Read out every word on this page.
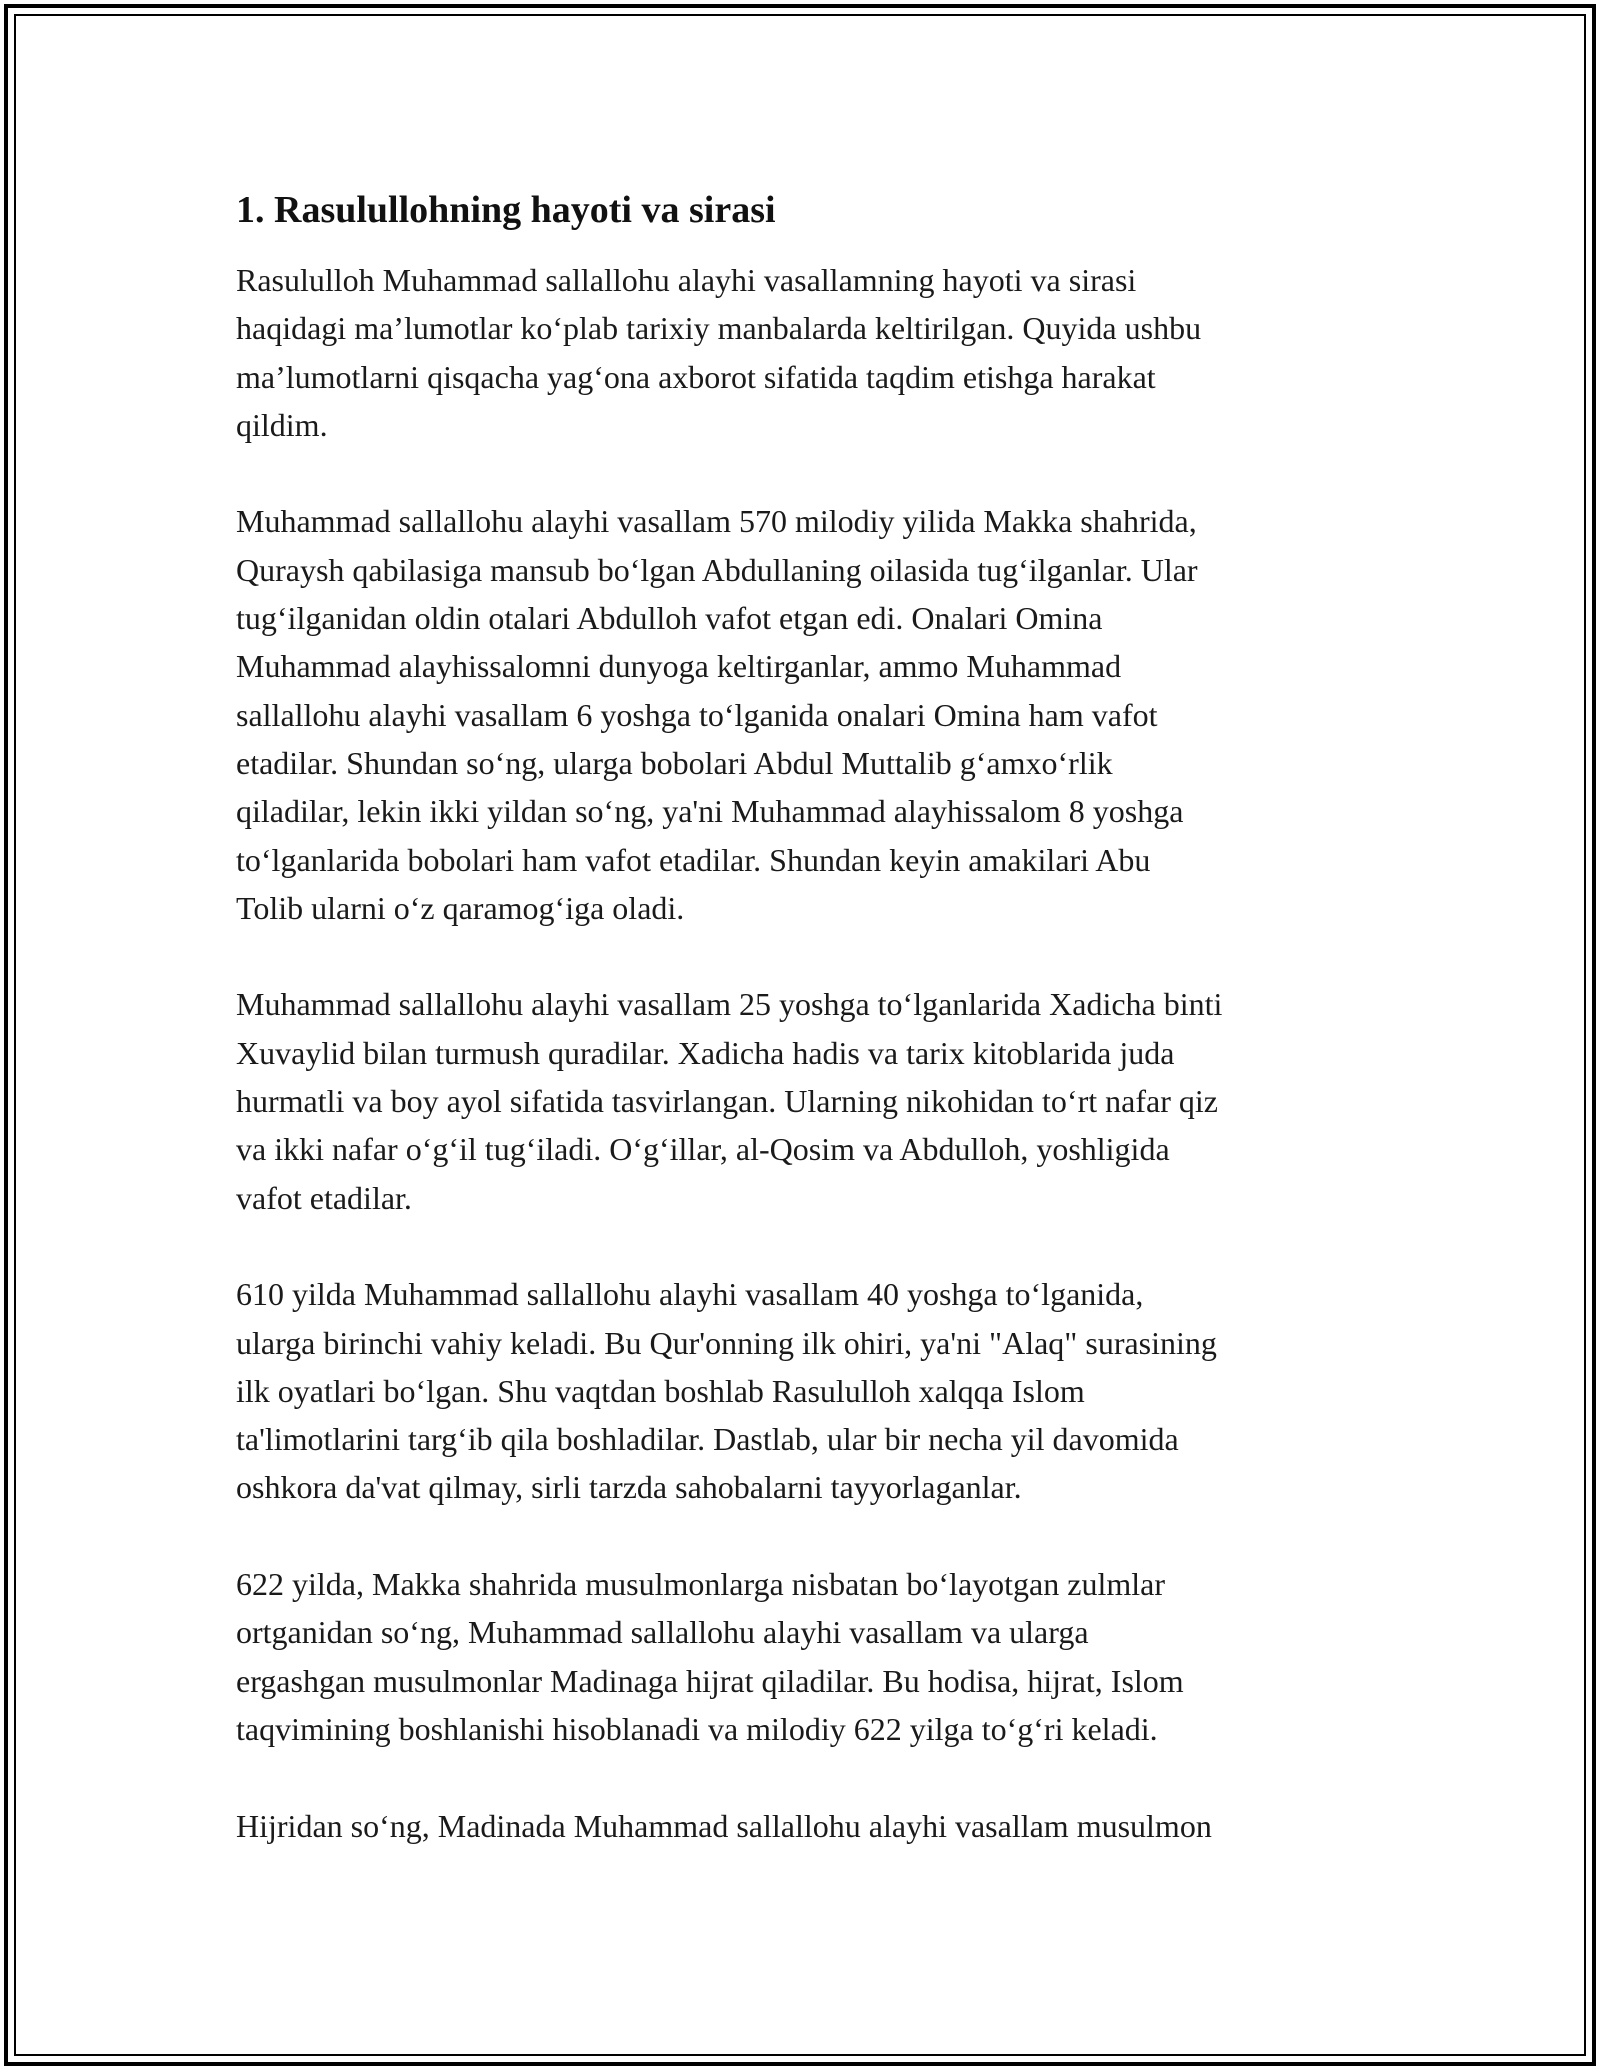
1. Rasulullohning hayoti va sirasi
Rasululloh Muhammad sallallohu alayhi vasallamning hayoti va sirasi
haqidagi ma’lumotlar ko‘plab tarixiy manbalarda keltirilgan. Quyida ushbu
ma’lumotlarni qisqacha yag‘ona axborot sifatida taqdim etishga harakat
qildim.
Muhammad sallallohu alayhi vasallam 570 milodiy yilida Makka shahrida,
Quraysh qabilasiga mansub bo‘lgan Abdullaning oilasida tug‘ilganlar. Ular
tug‘ilganidan oldin otalari Abdulloh vafot etgan edi. Onalari Omina
Muhammad alayhissalomni dunyoga keltirganlar, ammo Muhammad
sallallohu alayhi vasallam 6 yoshga to‘lganida onalari Omina ham vafot
etadilar. Shundan so‘ng, ularga bobolari Abdul Muttalib g‘amxo‘rlik
qiladilar, lekin ikki yildan so‘ng, ya'ni Muhammad alayhissalom 8 yoshga
to‘lganlarida bobolari ham vafot etadilar. Shundan keyin amakilari Abu
Tolib ularni o‘z qaramog‘iga oladi.
Muhammad sallallohu alayhi vasallam 25 yoshga to‘lganlarida Xadicha binti
Xuvaylid bilan turmush quradilar. Xadicha hadis va tarix kitoblarida juda
hurmatli va boy ayol sifatida tasvirlangan. Ularning nikohidan to‘rt nafar qiz
va ikki nafar o‘g‘il tug‘iladi. O‘g‘illar, al-Qosim va Abdulloh, yoshligida
vafot etadilar.
610 yilda Muhammad sallallohu alayhi vasallam 40 yoshga to‘lganida,
ularga birinchi vahiy keladi. Bu Qur'onning ilk ohiri, ya'ni "Alaq" surasining
ilk oyatlari bo‘lgan. Shu vaqtdan boshlab Rasululloh xalqqa Islom
ta'limotlarini targ‘ib qila boshladilar. Dastlab, ular bir necha yil davomida
oshkora da'vat qilmay, sirli tarzda sahobalarni tayyorlaganlar.
622 yilda, Makka shahrida musulmonlarga nisbatan bo‘layotgan zulmlar
ortganidan so‘ng, Muhammad sallallohu alayhi vasallam va ularga
ergashgan musulmonlar Madinaga hijrat qiladilar. Bu hodisa, hijrat, Islom
taqvimining boshlanishi hisoblanadi va milodiy 622 yilga to‘g‘ri keladi.
Hijridan so‘ng, Madinada Muhammad sallallohu alayhi vasallam musulmon
